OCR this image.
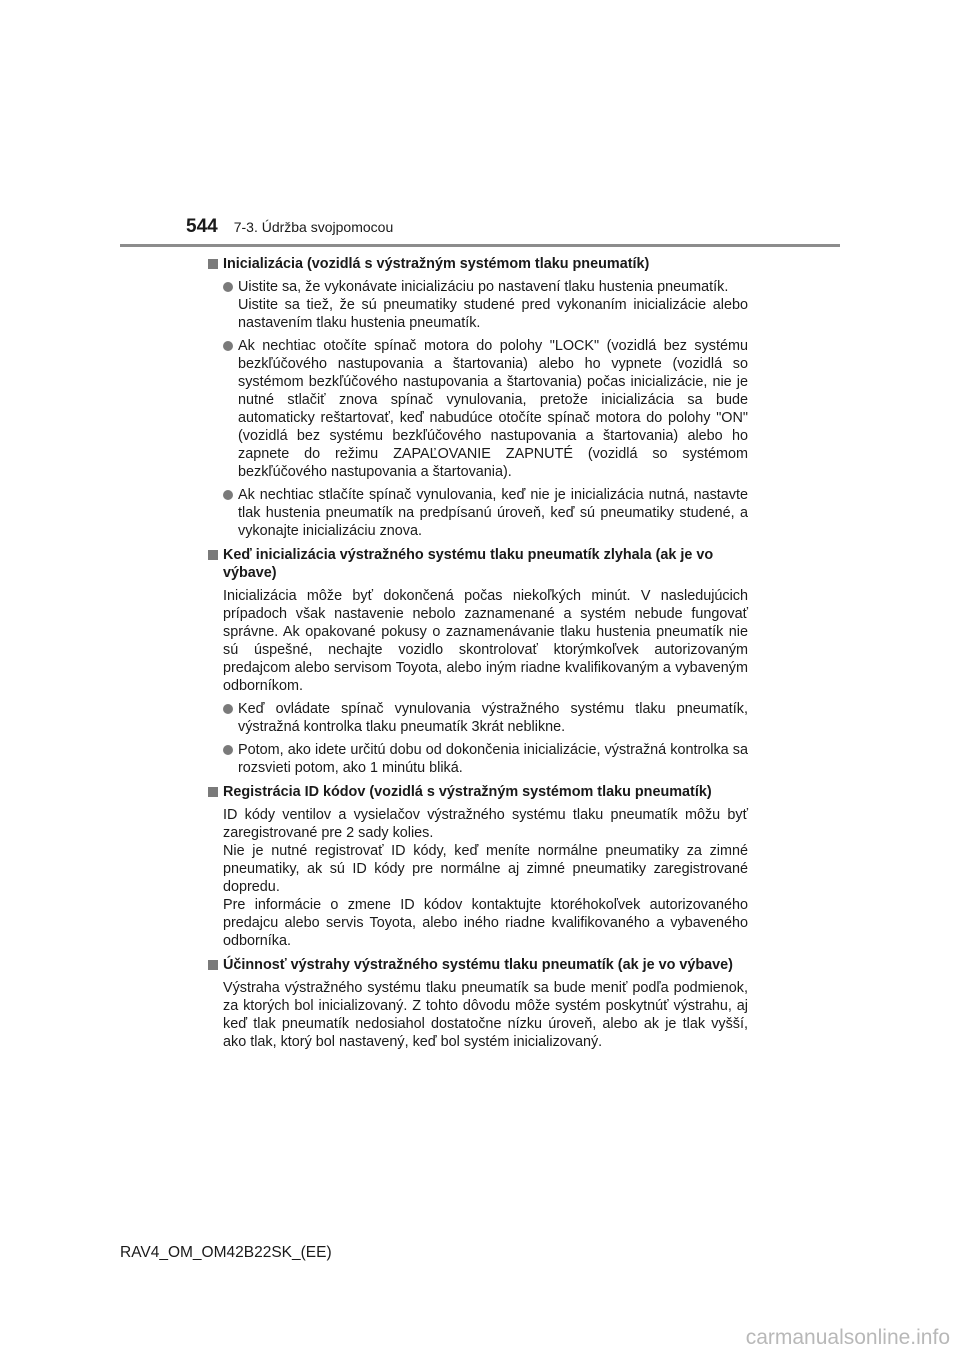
544 7-3. Údržba svojpomocou
Inicializácia (vozidlá s výstražným systémom tlaku pneumatík)
Uistite sa, že vykonávate inicializáciu po nastavení tlaku hustenia pneumatík.
Uistite sa tiež, že sú pneumatiky studené pred vykonaním inicializácie alebo nastavením tlaku hustenia pneumatík.
Ak nechtiac otočíte spínač motora do polohy "LOCK" (vozidlá bez systému bezkľúčového nastupovania a štartovania) alebo ho vypnete (vozidlá so systémom bezkľúčového nastupovania a štartovania) počas inicializácie, nie je nutné stlačiť znova spínač vynulovania, pretože inicializácia sa bude automaticky reštartovať, keď nabudúce otočíte spínač motora do polohy "ON" (vozidlá bez systému bezkľúčového nastupovania a štartovania) alebo ho zapnete do režimu ZAPAĽOVANIE ZAPNUTÉ (vozidlá so systémom bezkľúčového nastupovania a štartovania).
Ak nechtiac stlačíte spínač vynulovania, keď nie je inicializácia nutná, nastavte tlak hustenia pneumatík na predpísanú úroveň, keď sú pneumatiky studené, a vykonajte inicializáciu znova.
Keď inicializácia výstražného systému tlaku pneumatík zlyhala (ak je vo výbave)
Inicializácia môže byť dokončená počas niekoľkých minút. V nasledujúcich prípadoch však nastavenie nebolo zaznamenané a systém nebude fungovať správne. Ak opakované pokusy o zaznamenávanie tlaku hustenia pneumatík nie sú úspešné, nechajte vozidlo skontrolovať ktorýmkoľvek autorizovaným predajcom alebo servisom Toyota, alebo iným riadne kvalifikovaným a vybaveným odborníkom.
Keď ovládate spínač vynulovania výstražného systému tlaku pneumatík, výstražná kontrolka tlaku pneumatík 3krát neblikne.
Potom, ako idete určitú dobu od dokončenia inicializácie, výstražná kontrolka sa rozsvieti potom, ako 1 minútu bliká.
Registrácia ID kódov (vozidlá s výstražným systémom tlaku pneumatík)
ID kódy ventilov a vysielačov výstražného systému tlaku pneumatík môžu byť zaregistrované pre 2 sady kolies.
Nie je nutné registrovať ID kódy, keď meníte normálne pneumatiky za zimné pneumatiky, ak sú ID kódy pre normálne aj zimné pneumatiky zaregistrované dopredu.
Pre informácie o zmene ID kódov kontaktujte ktoréhokoľvek autorizovaného predajcu alebo servis Toyota, alebo iného riadne kvalifikovaného a vybaveného odborníka.
Účinnosť výstrahy výstražného systému tlaku pneumatík (ak je vo výbave)
Výstraha výstražného systému tlaku pneumatík sa bude meniť podľa podmienok, za ktorých bol inicializovaný. Z tohto dôvodu môže systém poskytnúť výstrahu, aj keď tlak pneumatík nedosiahol dostatočne nízku úroveň, alebo ak je tlak vyšší, ako tlak, ktorý bol nastavený, keď bol systém inicializovaný.
RAV4_OM_OM42B22SK_(EE)
carmanualsonline.info
